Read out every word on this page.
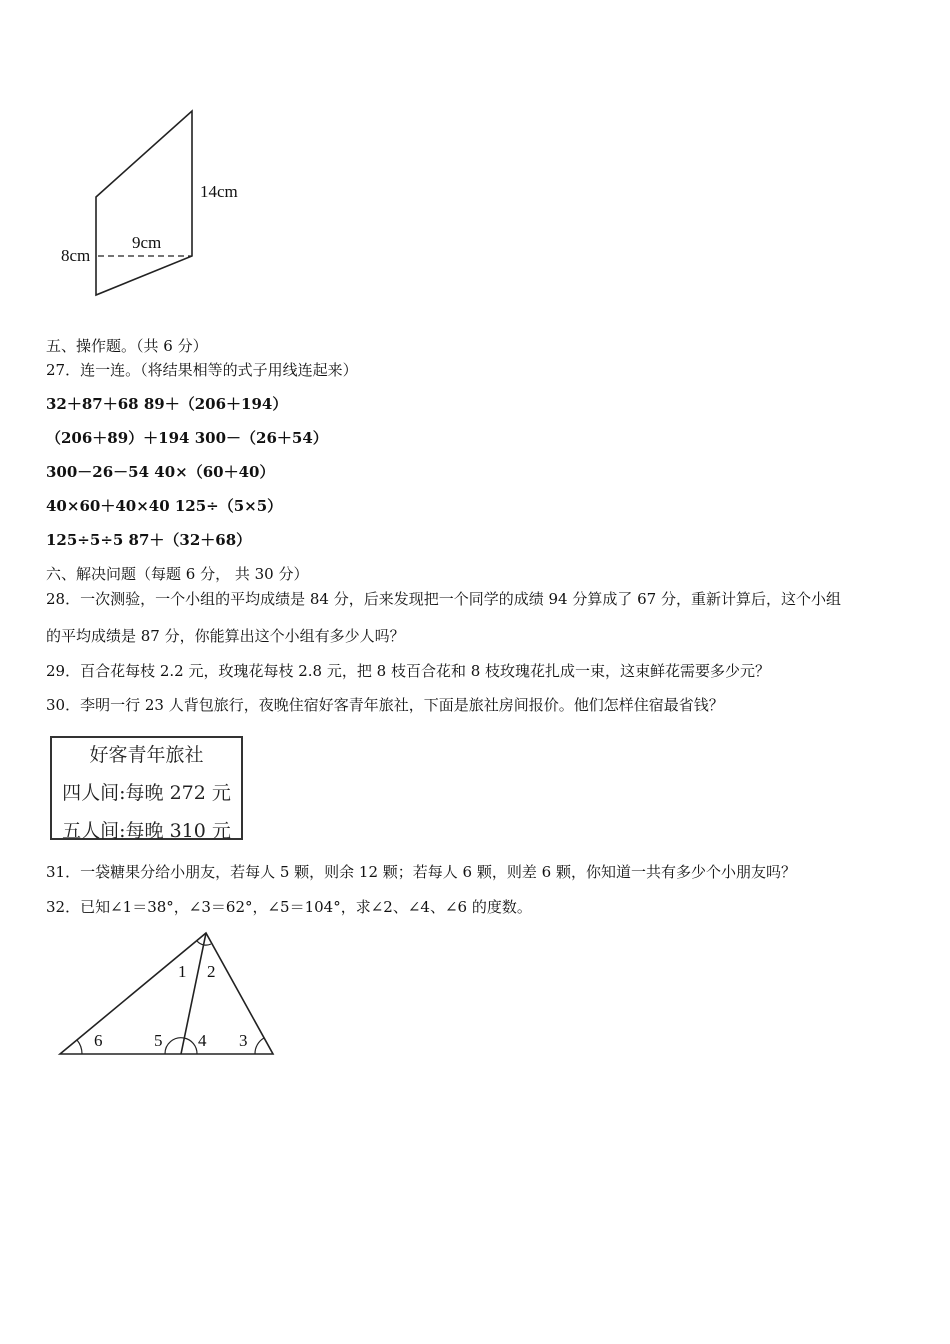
14cm
9cm
8cm
五、操作题。（共 6 分）
27．连一连。（将结果相等的式子用线连起来）
32＋87＋68 89＋（206＋194）
（206＋89）＋194 300－（26＋54）
300－26－54 40×（60＋40）
40×60＋40×40 125÷（5×5）
125÷5÷5 87＋（32＋68）
六、解决问题（每题 6 分， 共 30 分）
28．一次测验，一个小组的平均成绩是 84 分，后来发现把一个同学的成绩 94 分算成了 67 分，重新计算后，这个小组
的平均成绩是 87 分，你能算出这个小组有多少人吗？
29．百合花每枝 2.2 元，玫瑰花每枝 2.8 元，把 8 枝百合花和 8 枝玫瑰花扎成一束，这束鲜花需要多少元？
30．李明一行 23 人背包旅行，夜晚住宿好客青年旅社，下面是旅社房间报价。他们怎样住宿最省钱？
好客青年旅社
四人间:每晚 272 元
五人间:每晚 310 元
31．一袋糖果分给小朋友，若每人 5 颗，则余 12 颗；若每人 6 颗，则差 6 颗，你知道一共有多少个小朋友吗？
32．已知∠1＝38°，∠3＝62°，∠5＝104°，求∠2、∠4、∠6 的度数。
1 2
3
4
5
6
